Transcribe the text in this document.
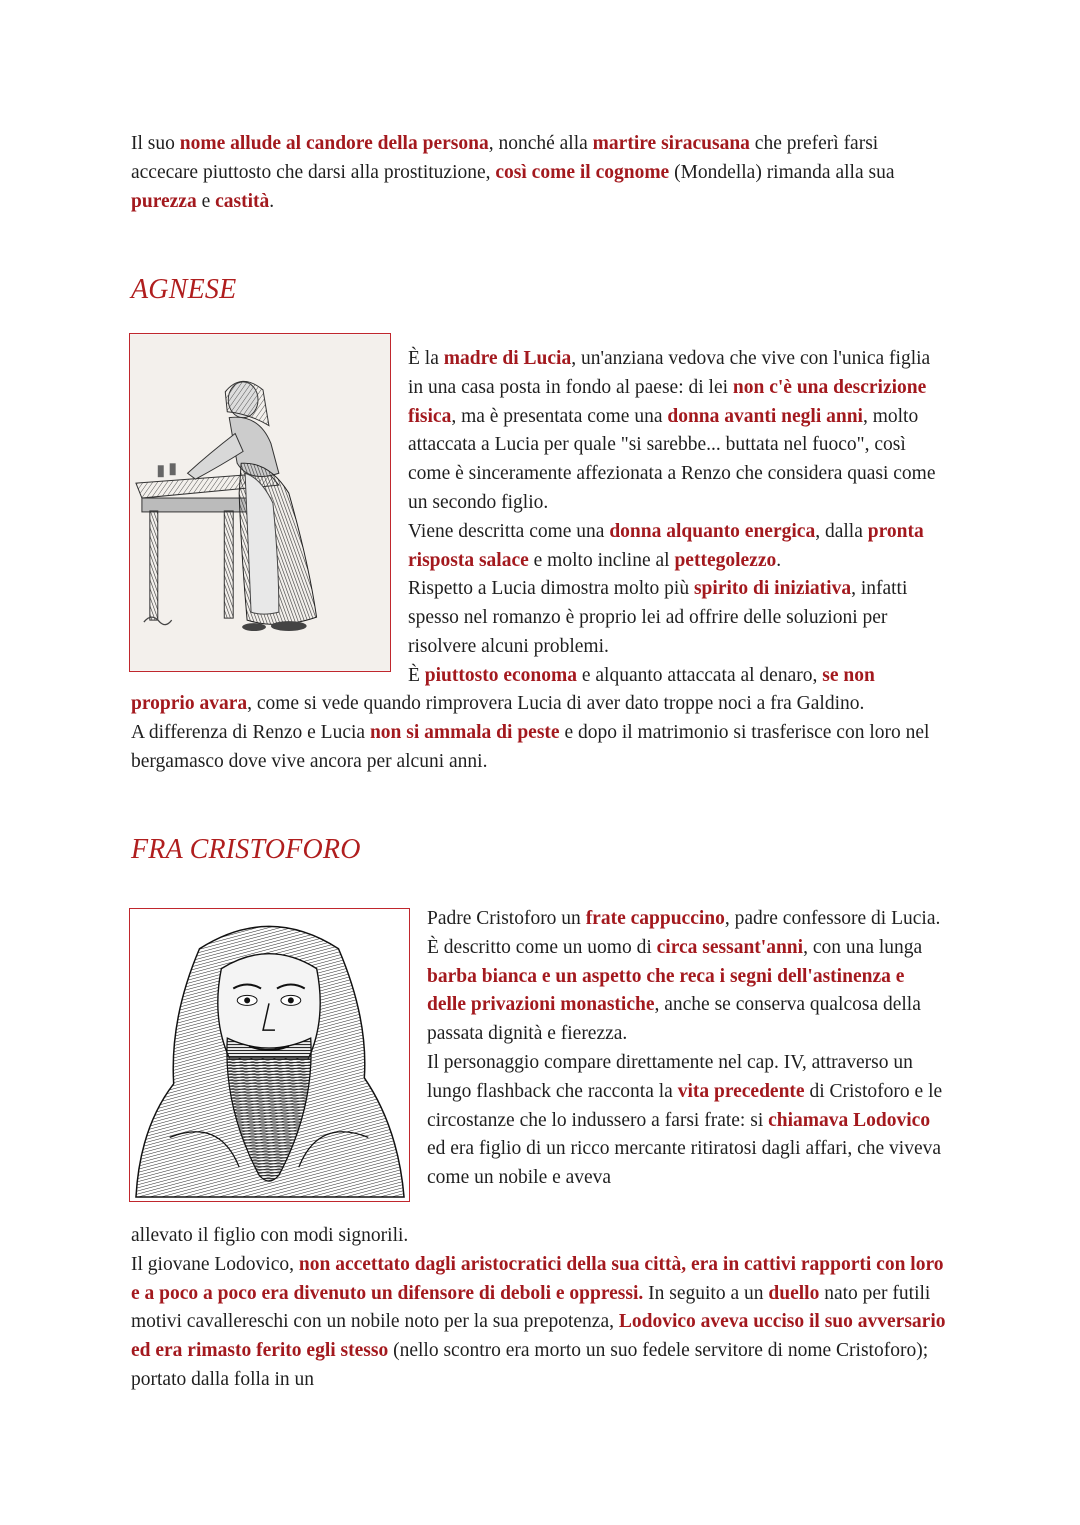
Il suo nome allude al candore della persona, nonché alla martire siracusana che preferì farsi accecare piuttosto che darsi alla prostituzione, così come il cognome (Mondella) rimanda alla sua purezza e castità.
AGNESE

È la madre di Lucia, un'anziana vedova che vive con l'unica figlia in una casa posta in fondo al paese: di lei non c'è una descrizione fisica, ma è presentata come una donna avanti negli anni, molto attaccata a Lucia per quale "si sarebbe... buttata nel fuoco", così come è sinceramente affezionata a Renzo che considera quasi come un secondo figlio.

Viene descritta come una donna alquanto energica, dalla pronta risposta salace e molto incline al pettegolezzo.

Rispetto a Lucia dimostra molto più spirito di iniziativa, infatti spesso nel romanzo è proprio lei ad offrire delle soluzioni per risolvere alcuni problemi.

È piuttosto economa e alquanto attaccata al denaro, se non

proprio avara, come si vede quando rimprovera Lucia di aver dato troppe noci a fra Galdino.

A differenza di Renzo e Lucia non si ammala di peste e dopo il matrimonio si trasferisce con loro nel bergamasco dove vive ancora per alcuni anni.

FRA CRISTOFORO

Padre Cristoforo un frate cappuccino, padre confessore di Lucia.

È descritto come un uomo di circa sessant'anni, con una lunga barba bianca e un aspetto che reca i segni dell'astinenza e delle privazioni monastiche, anche se conserva qualcosa della passata dignità e fierezza.

Il personaggio compare direttamente nel cap. IV, attraverso un lungo flashback che racconta la vita precedente di Cristoforo e le circostanze che lo indussero a farsi frate: si chiamava Lodovico ed era figlio di un ricco mercante ritiratosi dagli affari, che viveva come un nobile e aveva

allevato il figlio con modi signorili.

Il giovane Lodovico, non accettato dagli aristocratici della sua città, era in cattivi rapporti con loro e a poco a poco era divenuto un difensore di deboli e oppressi. In seguito a un duello nato per futili motivi cavallereschi con un nobile noto per la sua prepotenza, Lodovico aveva ucciso il suo avversario ed era rimasto ferito egli stesso (nello scontro era morto un suo fedele servitore di nome Cristoforo); portato dalla folla in un
